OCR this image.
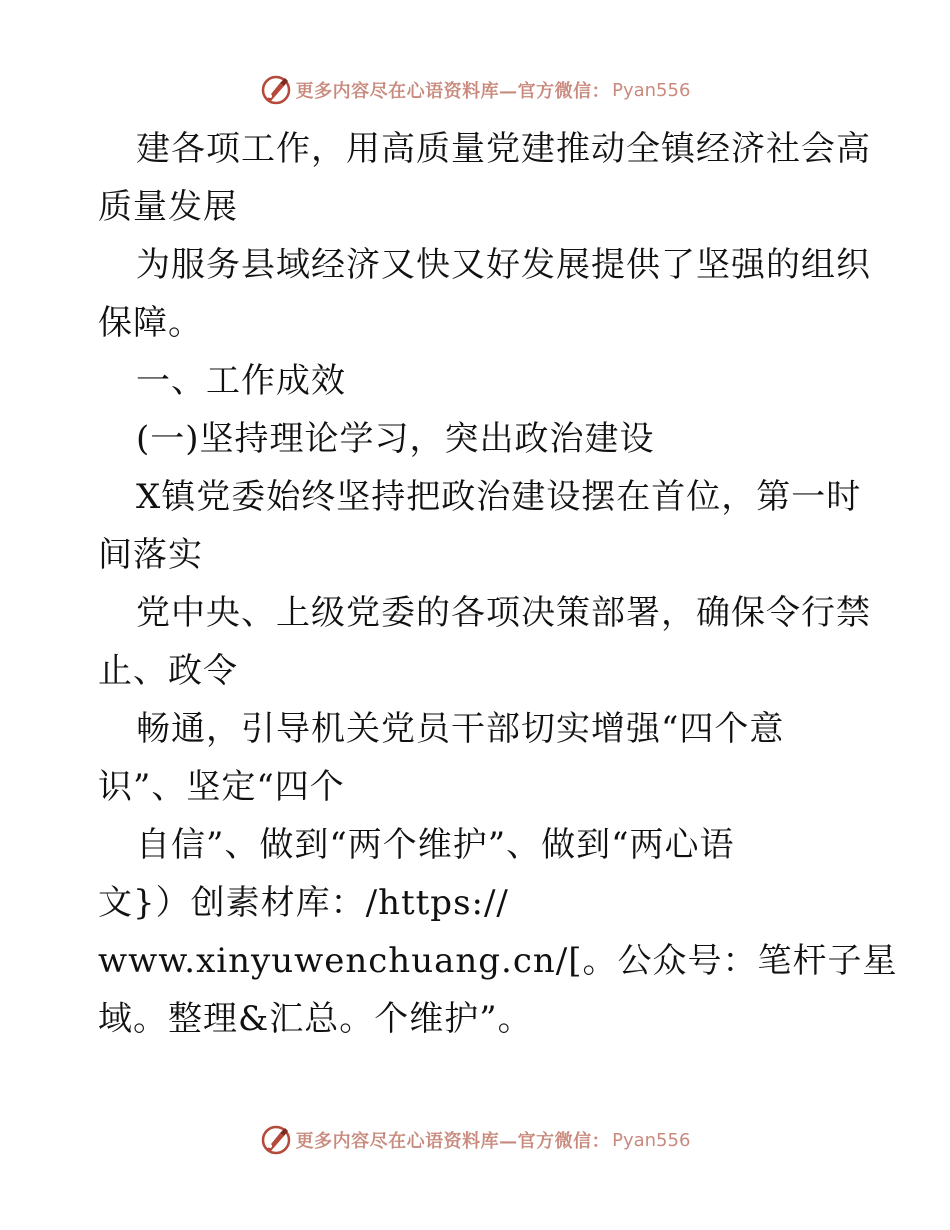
更多内容尽在心语资料库—官方微信： Pyan556
建各项工作，用高质量党建推动全镇经济社会高
质量发展
为服务县域经济又快又好发展提供了坚强的组织
保障。
一、工作成效
(一)坚持理论学习，突出政治建设
X镇党委始终坚持把政治建设摆在首位，第一时
间落实
党中央、上级党委的各项决策部署，确保令行禁
止、政令
畅通，引导机关党员干部切实增强“四个意
识”、坚定“四个
自信”、做到“两个维护”、做到“两心语
文}）创素材库：/https://
www.xinyuwenchuang.cn/[。公众号：笔杆子星
域。整理&汇总。个维护”。
更多内容尽在心语资料库—官方微信： Pyan556
